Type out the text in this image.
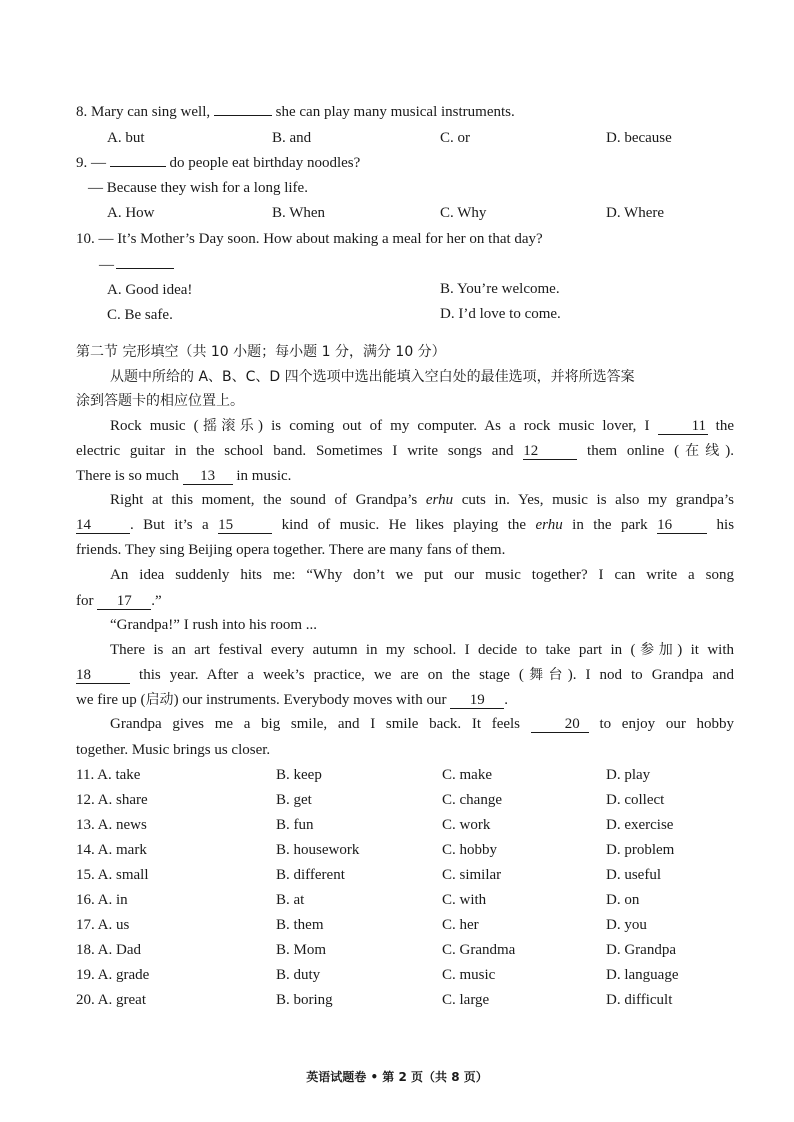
8. Mary can sing well,	she can play many musical instruments.
A. but	B. and	C. or	D. because
9. —	do people eat birthday noodles?
— Because they wish for a long life.
A. How	B. When	C. Why	D. Where
10. — It’s Mother’s Day soon. How about making a meal for her on that day?
—
A. Good idea!	B. You’re welcome.
C. Be safe.	D. I’d love to come.
第二节 完形填空（共 10 小题；每小题 1 分，满分 10 分）
从题中所给的 A、B、C、D 四个选项中选出能填入空白处的最佳选项，并将所选答案
涂到答题卡的相应位置上。
Rock music (摇滚乐) is coming out of my computer. As a rock music lover, I	11 the
electric guitar in the school band. Sometimes I write songs and 12	them online (在线).
There is so much 13 in music.
Right at this moment, the sound of Grandpa’s erhu cuts in. Yes, music is also my grandpa’s
14	. But it’s a 15	kind of music. He likes playing the erhu in the park 16	his
friends. They sing Beijing opera together. There are many fans of them.
An idea suddenly hits me: “Why don’t we put our music together? I can write a song
for 17 .”
“Grandpa!” I rush into his room ...
There is an art festival every autumn in my school. I decide to take part in (参加) it with
18	this year. After a week’s practice, we are on the stage (舞台). I nod to Grandpa and
we fire up (启动) our instruments. Everybody moves with our 19 .
Grandpa gives me a big smile, and I smile back. It feels	20 to enjoy our hobby
together. Music brings us closer.
11. A. take	B. keep	C. make	D. play
12. A. share	B. get	C. change	D. collect
13. A. news	B. fun	C. work	D. exercise
14. A. mark	B. housework	C. hobby	D. problem
15. A. small	B. different	C. similar	D. useful
16. A. in	B. at	C. with	D. on
17. A. us	B. them	C. her	D. you
18. A. Dad	B. Mom	C. Grandma	D. Grandpa
19. A. grade	B. duty	C. music	D. language
20. A. great	B. boring	C. large	D. difficult
英语试题卷 • 第 2 页（共 8 页）
